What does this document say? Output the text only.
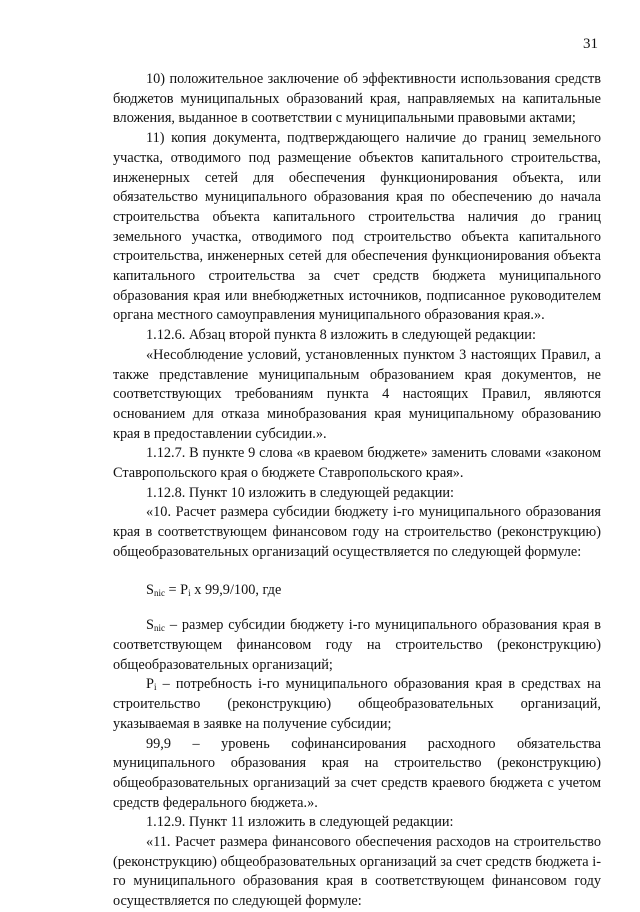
31

10) положительное заключение об эффективности использования средств бюджетов муниципальных образований края, направляемых на капитальные вложения, выданное в соответствии с муниципальными правовыми актами;

11) копия документа, подтверждающего наличие до границ земельного участка, отводимого под размещение объектов капитального строительства, инженерных сетей для обеспечения функционирования объекта, или обязательство муниципального образования края по обеспечению до начала строительства объекта капитального строительства наличия до границ земельного участка, отводимого под строительство объекта капитального строительства, инженерных сетей для обеспечения функционирования объекта капитального строительства за счет средств бюджета муниципального образования края или внебюджетных источников, подписанное руководителем органа местного самоуправления муниципального образования края.».

1.12.6. Абзац второй пункта 8 изложить в следующей редакции:

«Несоблюдение условий, установленных пунктом 3 настоящих Правил, а также представление муниципальным образованием края документов, не соответствующих требованиям пункта 4 настоящих Правил, являются основанием для отказа минобразования края муниципальному образованию края в предоставлении субсидии.».

1.12.7. В пункте 9 слова «в краевом бюджете» заменить словами «законом Ставропольского края о бюджете Ставропольского края».

1.12.8. Пункт 10 изложить в следующей редакции:

«10. Расчет размера субсидии бюджету i-го муниципального образования края в соответствующем финансовом году на строительство (реконструкцию) общеобразовательных организаций осуществляется по следующей формуле:

$S_{nic} = P_i$ x 99,9/100, где

$S_{nic}$ – размер субсидии бюджету i-го муниципального образования края в соответствующем финансовом году на строительство (реконструкцию) общеобразовательных организаций;

$P_i$ – потребность i-го муниципального образования края в средствах на строительство (реконструкцию) общеобразовательных организаций, указываемая в заявке на получение субсидии;

99,9 – уровень софинансирования расходного обязательства муниципального образования края на строительство (реконструкцию) общеобразовательных организаций за счет средств краевого бюджета с учетом средств федерального бюджета.».

1.12.9. Пункт 11 изложить в следующей редакции:

«11. Расчет размера финансового обеспечения расходов на строительство (реконструкцию) общеобразовательных организаций за счет средств бюджета i-го муниципального образования края в соответствующем финансовом году осуществляется по следующей формуле:
